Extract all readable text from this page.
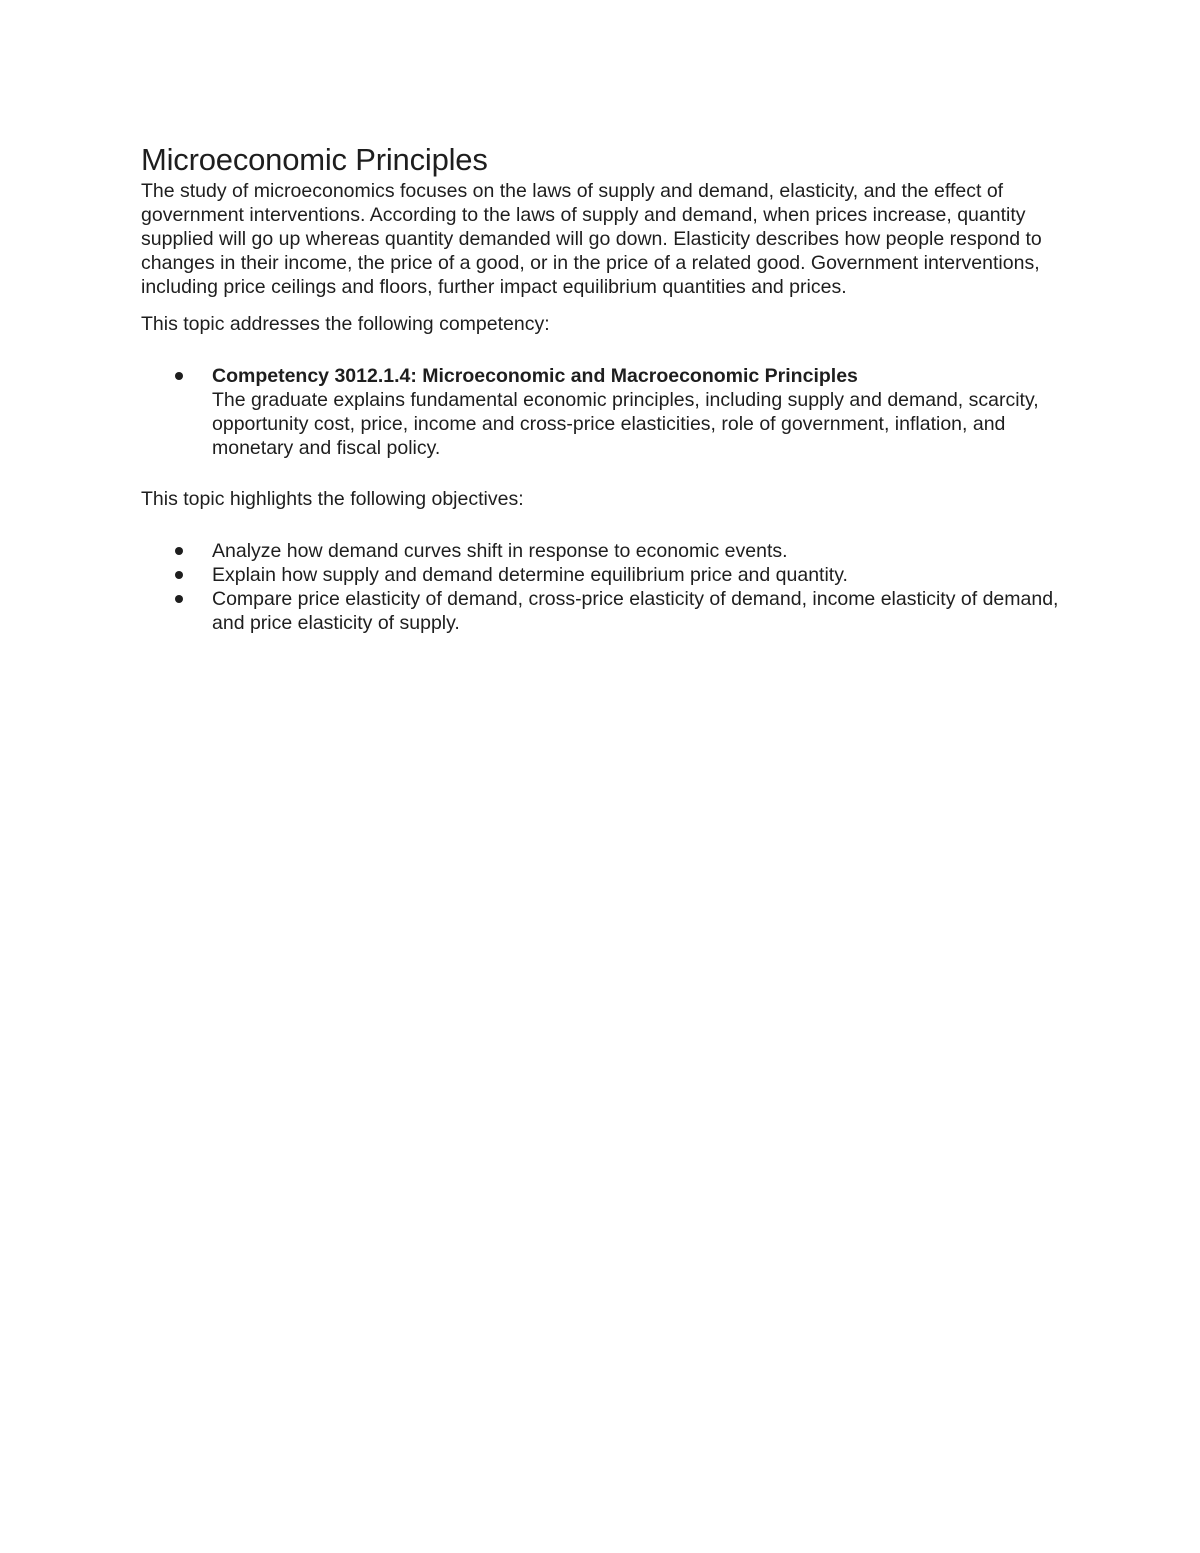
Microeconomic Principles

The study of microeconomics focuses on the laws of supply and demand, elasticity, and the effect of government interventions. According to the laws of supply and demand, when prices increase, quantity supplied will go up whereas quantity demanded will go down. Elasticity describes how people respond to changes in their income, the price of a good, or in the price of a related good. Government interventions, including price ceilings and floors, further impact equilibrium quantities and prices.

This topic addresses the following competency:

Competency 3012.1.4: Microeconomic and Macroeconomic Principles
The graduate explains fundamental economic principles, including supply and demand, scarcity, opportunity cost, price, income and cross-price elasticities, role of government, inflation, and monetary and fiscal policy.

This topic highlights the following objectives:

Analyze how demand curves shift in response to economic events.
Explain how supply and demand determine equilibrium price and quantity.
Compare price elasticity of demand, cross-price elasticity of demand, income elasticity of demand, and price elasticity of supply.
